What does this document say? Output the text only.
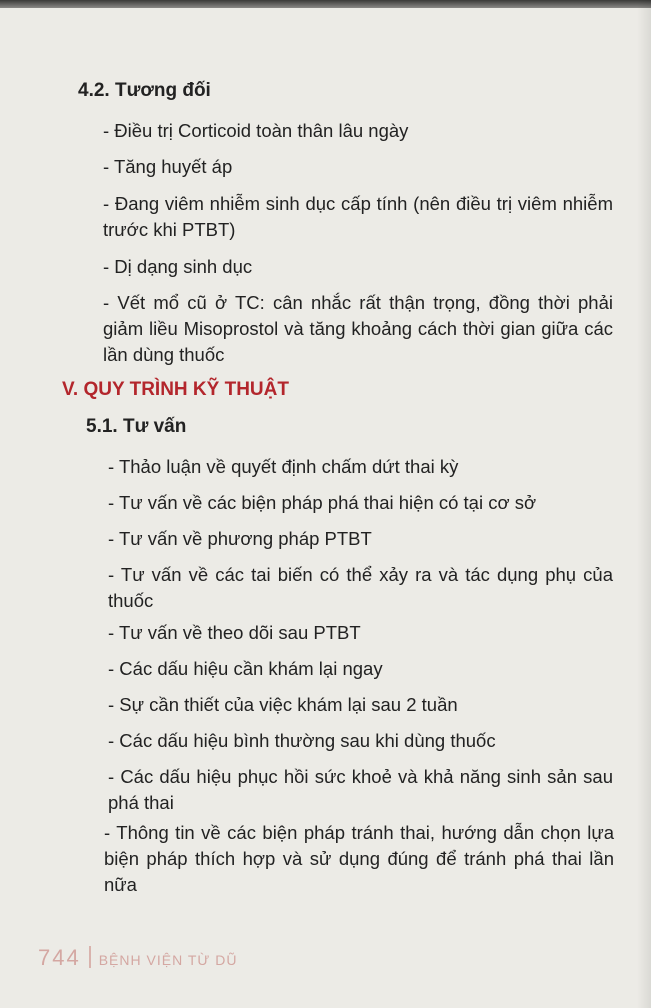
4.2. Tương đối
- Điều trị Corticoid toàn thân lâu ngày
- Tăng huyết áp
- Đang viêm nhiễm sinh dục cấp tính (nên điều trị viêm nhiễm trước khi PTBT)
- Dị dạng sinh dục
- Vết mổ cũ ở TC: cân nhắc rất thận trọng, đồng thời phải giảm liều Misoprostol và tăng khoảng cách thời gian giữa các lần dùng thuốc
V. QUY TRÌNH KỸ THUẬT
5.1. Tư vấn
- Thảo luận về quyết định chấm dứt thai kỳ
- Tư vấn về các biện pháp phá thai hiện có tại cơ sở
- Tư vấn về phương pháp PTBT
- Tư vấn về các tai biến có thể xảy ra và tác dụng phụ của thuốc
- Tư vấn về theo dõi sau PTBT
- Các dấu hiệu cần khám lại ngay
- Sự cần thiết của việc khám lại sau 2 tuần
- Các dấu hiệu bình thường sau khi dùng thuốc
- Các dấu hiệu phục hồi sức khoẻ và khả năng sinh sản sau phá thai
- Thông tin về các biện pháp tránh thai, hướng dẫn chọn lựa biện pháp thích hợp và sử dụng đúng để tránh phá thai lần nữa
744 BỆNH VIỆN TỪ DŨ
